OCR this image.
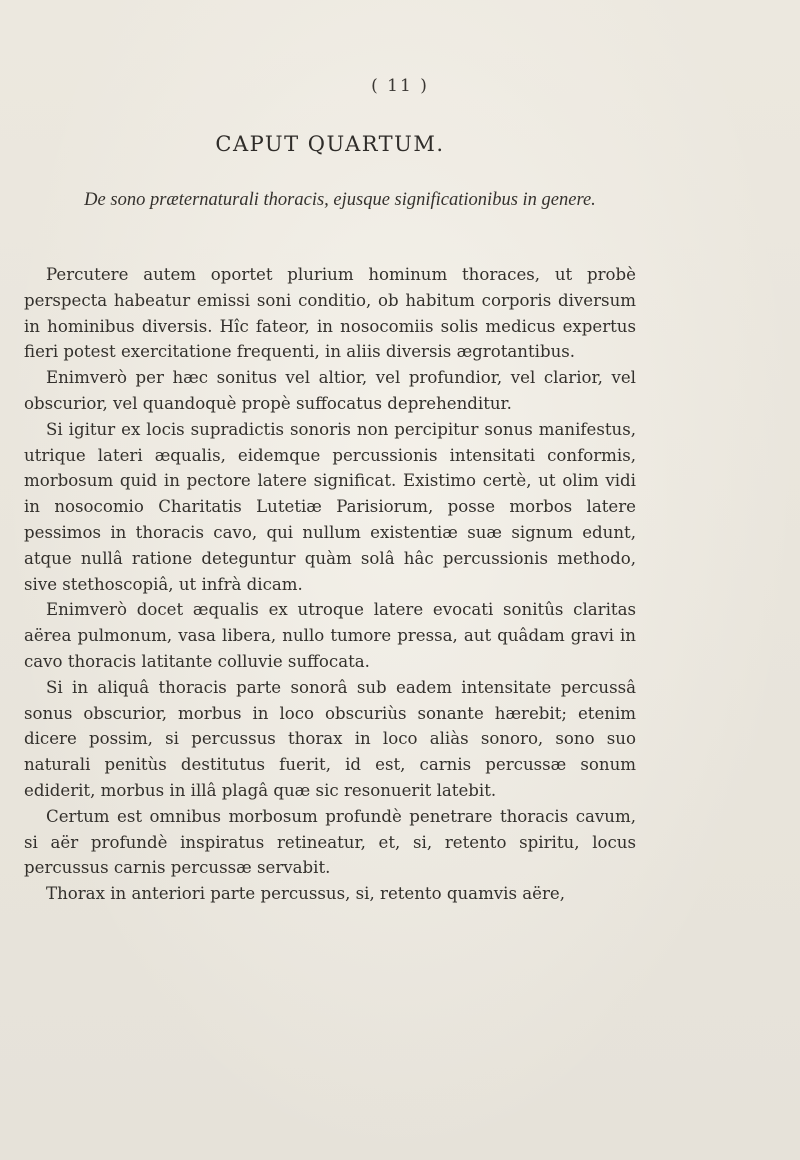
( 11 )
CAPUT QUARTUM.
De sono præternaturali thoracis, ejusque significationibus in genere.

Percutere autem oportet plurium hominum thoraces, ut probè perspecta habeatur emissi soni conditio, ob habitum corporis diversum in hominibus diversis. Hîc fateor, in nosocomiis solis medicus expertus fieri potest exercitatione frequenti, in aliis diversis ægrotantibus.

Enimverò per hæc sonitus vel altior, vel profundior, vel clarior, vel obscurior, vel quandoquè propè suffocatus deprehenditur.

Si igitur ex locis supradictis sonoris non percipitur sonus manifestus, utrique lateri æqualis, eidemque percussionis intensitati conformis, morbosum quid in pectore latere significat. Existimo certè, ut olim vidi in nosocomio Charitatis Lutetiæ Parisiorum, posse morbos latere pessimos in thoracis cavo, qui nullum existentiæ suæ signum edunt, atque nullâ ratione deteguntur quàm solâ hâc percussionis methodo, sive stethoscopiâ, ut infrà dicam.

Enimverò docet æqualis ex utroque latere evocati sonitûs claritas aërea pulmonum, vasa libera, nullo tumore pressa, aut quâdam gravi in cavo thoracis latitante colluvie suffocata.

Si in aliquâ thoracis parte sonorâ sub eadem intensitate percussâ sonus obscurior, morbus in loco obscuriùs sonante hærebit; etenim dicere possim, si percussus thorax in loco aliàs sonoro, sono suo naturali penitùs destitutus fuerit, id est, carnis percussæ sonum ediderit, morbus in illâ plagâ quæ sic resonuerit latebit.

Certum est omnibus morbosum profundè penetrare thoracis cavum, si aër profundè inspiratus retineatur, et, si, retento spiritu, locus percussus carnis percussæ servabit.

Thorax in anteriori parte percussus, si, retento quamvis aëre,
